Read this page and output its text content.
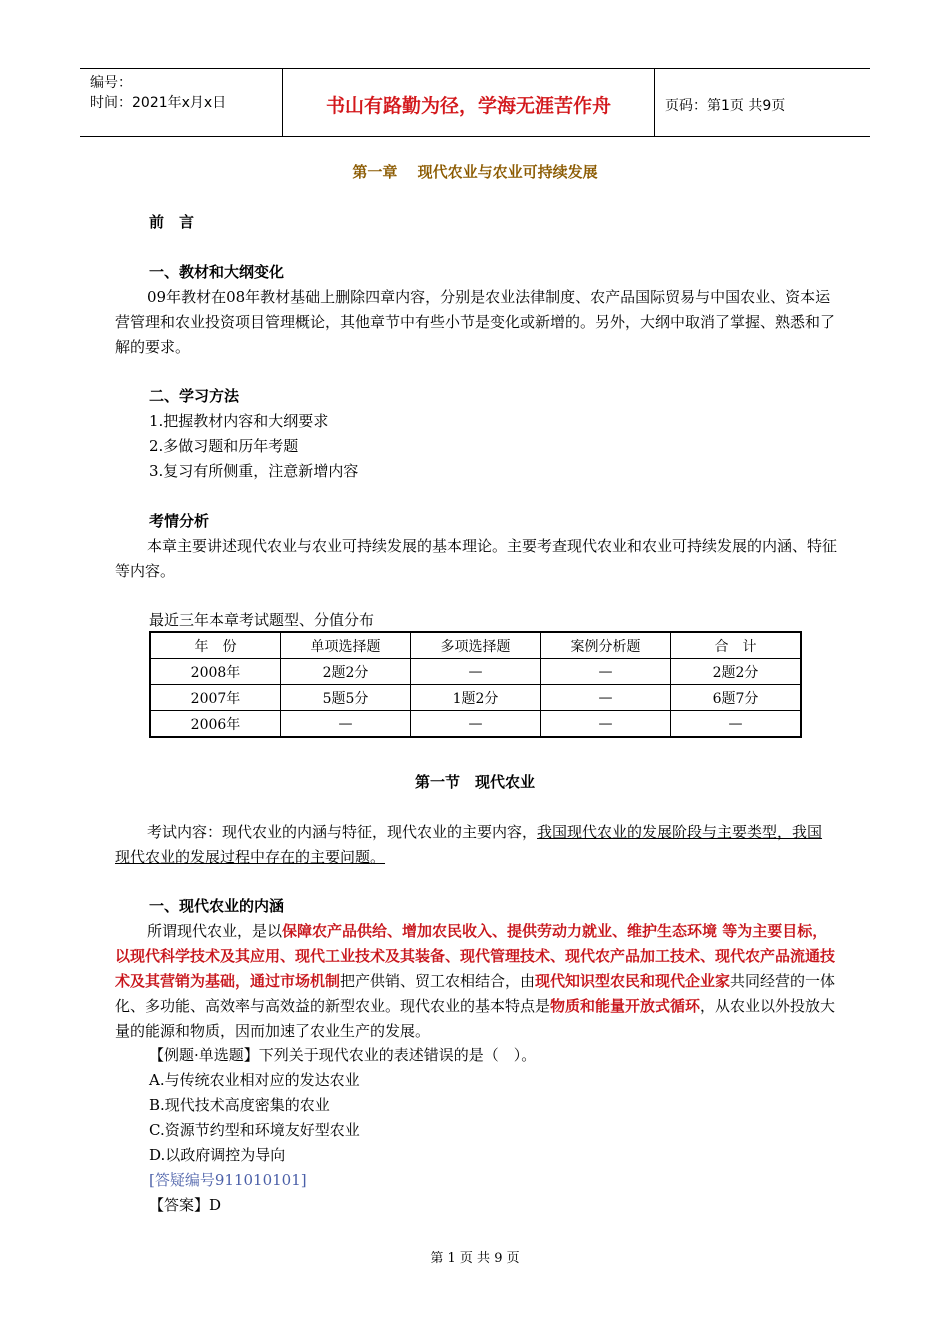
编号：
时间：2021年x月x日	书山有路勤为径，学海无涯苦作舟	页码：第1页 共9页
第一章　 现代农业与农业可持续发展
前　言
一、教材和大纲变化
09年教材在08年教材基础上删除四章内容，分别是农业法律制度、农产品国际贸易与中国农业、资本运营管理和农业投资项目管理概论，其他章节中有些小节是变化或新增的。另外，大纲中取消了掌握、熟悉和了解的要求。
二、学习方法
1.把握教材内容和大纲要求
2.多做习题和历年考题
3.复习有所侧重，注意新增内容
考情分析
本章主要讲述现代农业与农业可持续发展的基本理论。主要考查现代农业和农业可持续发展的内涵、特征等内容。
最近三年本章考试题型、分值分布
年　份	单项选择题	多项选择题	案例分析题	合　计
2008年	2题2分	—	—	2题2分
2007年	5题5分	1题2分	—	6题7分
2006年	—	—	—	—
第一节　现代农业
考试内容：现代农业的内涵与特征，现代农业的主要内容，我国现代农业的发展阶段与主要类型，我国现代农业的发展过程中存在的主要问题。
一、现代农业的内涵
所谓现代农业，是以保障农产品供给、增加农民收入、提供劳动力就业、维护生态环境 等为主要目标，以现代科学技术及其应用、现代工业技术及其装备、现代管理技术、现代农产品加工技术、现代农产品流通技术及其营销为基础，通过市场机制把产供销、贸工农相结合，由现代知识型农民和现代企业家共同经营的一体化、多功能、高效率与高效益的新型农业。现代农业的基本特点是物质和能量开放式循环，从农业以外投放大量的能源和物质，因而加速了农业生产的发展。
【例题·单选题】下列关于现代农业的表述错误的是（　）。
A.与传统农业相对应的发达农业
B.现代技术高度密集的农业
C.资源节约型和环境友好型农业
D.以政府调控为导向
[答疑编号911010101]
【答案】D
第 1 页 共 9 页
